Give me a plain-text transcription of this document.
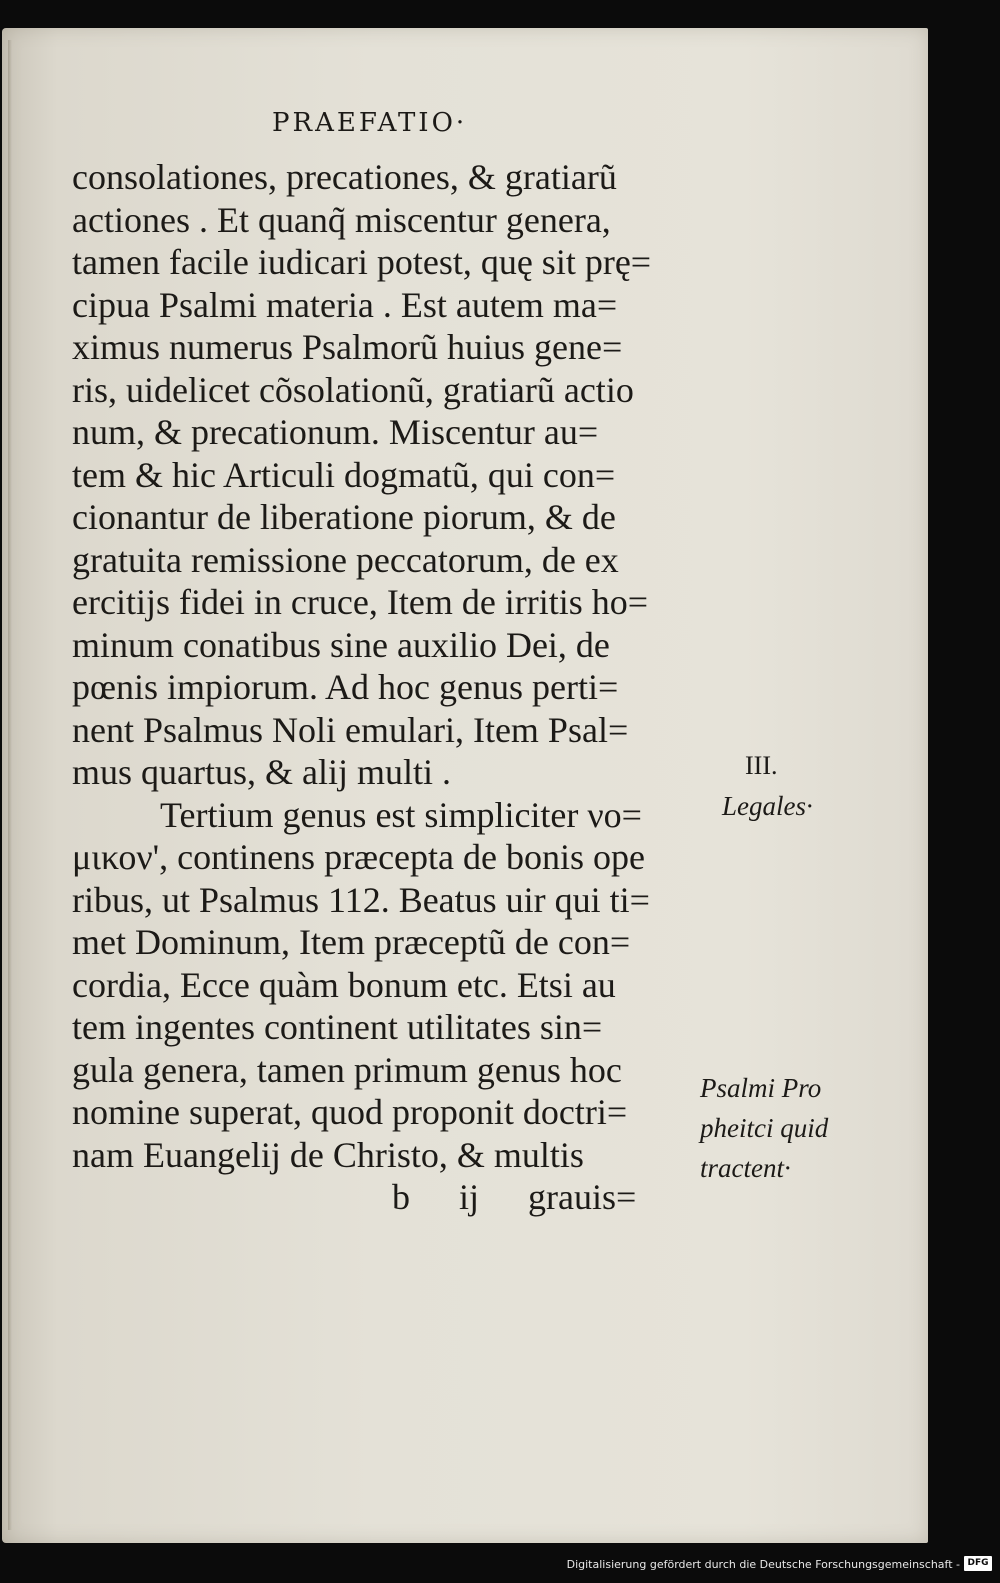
PRAEFATIO·
consolationes, precationes, & gratiarũ
actiones . Et quanq̃ miscentur genera,
tamen facile iudicari potest, quę sit prę=
cipua Psalmi materia . Est autem ma=
ximus numerus Psalmorũ huius gene=
ris, uidelicet cõsolationũ, gratiarũ actio
num, & precationum. Miscentur au=
tem & hic Articuli dogmatũ, qui con=
cionantur de liberatione piorum, & de
gratuita remissione peccatorum, de ex
ercitijs fidei in cruce, Item de irritis ho=
minum conatibus sine auxilio Dei, de
pœnis impiorum. Ad hoc genus perti=
nent Psalmus Noli emulari, Item Psal=
mus quartus, & alij multi .
Tertium genus est simpliciter νο=
μικον', continens præcepta de bonis ope
ribus, ut Psalmus 112. Beatus uir qui ti=
met Dominum, Item præceptũ de con=
cordia, Ecce quàm bonum etc. Etsi au
tem ingentes continent utilitates sin=
gula genera, tamen primum genus hoc
nomine superat, quod proponit doctri=
nam Euangelij de Christo, & multis
b ij grauis=
III.
Legales·
Psalmi Pro
pheitci quid
tractent·
Digitalisierung gefördert durch die Deutsche Forschungsgemeinschaft - DFG
